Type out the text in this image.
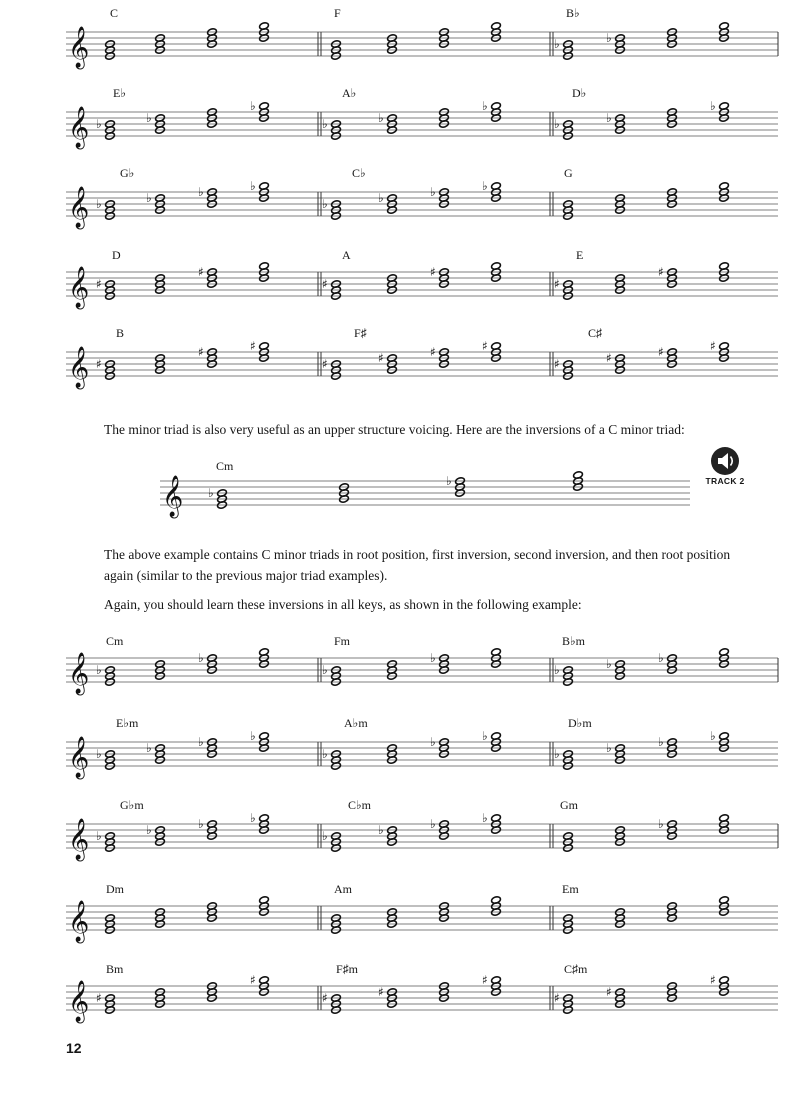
C	F	B♭
𝄞	♭	♭
E♭	A♭	D♭
𝄞 ♭	♭
♭
♭	♭
♭
♭	♭
♭
G♭	C♭	G
𝄞 ♭	♭	♭	♭
♭	♭	♭	♭
D	A	E
𝄞 ♯
♯
♯
♯
♯
♯
B	F♯	C♯
𝄞 ♯
♯	♯
♯	♯	♯	♯
♯	♯	♯	♯
The minor triad is also very useful as an upper structure voicing. Here are the inversions of a C minor triad:
Cm
𝄞 ♭
♭	TRACK 2
The above example contains C minor triads in root position, first inversion, second inversion, and then root position again (similar to the previous major triad examples).
Again, you should learn these inversions in all keys, as shown in the following example:
Cm	Fm	B♭m
𝄞 ♭
♭
♭
♭
♭	♭	♭
E♭m	A♭m	D♭m
𝄞 ♭	♭	♭	♭
♭
♭	♭
♭	♭	♭	♭
G♭m	C♭m	Gm
𝄞 ♭	♭	♭	♭
♭	♭	♭	♭	♭
Dm	Am	Em
𝄞
Bm	F♯m	C♯m
𝄞 ♯
♯
♯	♯
♯
♯	♯
♯
12
